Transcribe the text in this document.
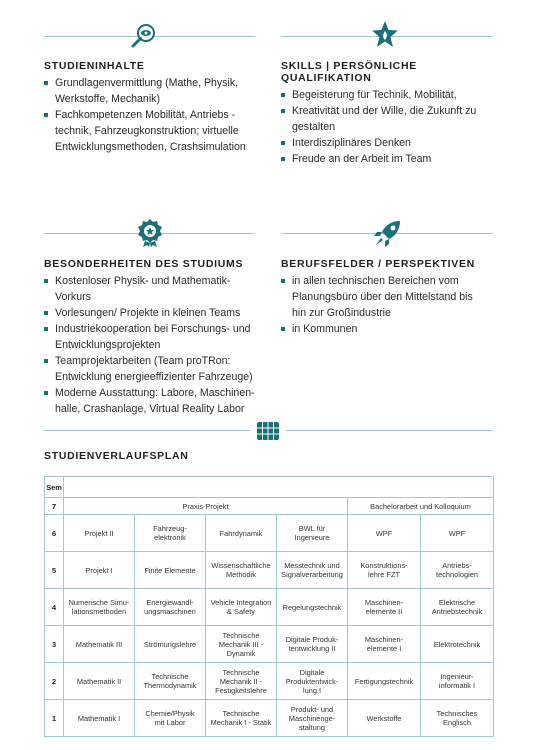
STUDIENINHALTE
Grundlagenvermittlung (Mathe, Physik,
Werkstoffe, Mechanik)
Fachkompetenzen Mobilität, Antriebs -
technik, Fahrzeugkonstruktion; virtuelle
Entwicklungsmethoden, Crashsimulation
SKILLS | PERSÖNLICHE QUALIFIKATION
Begeisterung für Technik, Mobilität,
Kreativität und der Wille, die Zukunft zu
gestalten
Interdisziplinäres Denken
Freude an der Arbeit im Team
BESONDERHEITEN DES STUDIUMS
Kostenloser Physik- und Mathematik-
Vorkurs
Vorlesungen/ Projekte in kleinen Teams
Industriekooperation bei Forschungs- und
Entwicklungsprojekten
Teamprojektarbeiten (Team proTRon:
Entwicklung energieeffizienter Fahrzeuge)
Moderne Ausstattung: Labore, Maschinen-
halle, Crashanlage, Virtual Reality Labor
BERUFSFELDER / PERSPEKTIVEN
in allen technischen Bereichen vom
Planungsbüro über den Mittelstand bis
hin zur Großindustrie
in Kommunen
STUDIENVERLAUFSPLAN
Sem						
7	Praxis-Projekt				Bachelorarbeit und Kolloquium	
6	Projekt II	Fahrzeug-
elektronik	Fahrdynamik	BWL für
Ingenieure	WPF	WPF
5	Projekt I	Finite Elemente	Wissenschaftliche
Methodik	Messtechnik und
Signalverarbeitung	Konstruktions-
lehre FZT	Antriebs-
technologien
4	Numerische Simu-
lationsmethoden	Energiewandl-
ungsmaschinen	Vehicle Integration
& Safety	Regelungstechnik	Maschinen-
elemente II	Elektrische
Antriebstechnik
3	Mathematik III	Strömungslehre	Technische
Mechanik III -
Dynamik	Digitale Produk-
tentwicklung II	Maschinen-
elemente I	Elektrotechnik
2	Mathematik II	Technische
Thermodynamik	Technische
Mechanik II -
Festigkeitslehre	Digitale
Produktentwick-
lung I	Fertigungstechnik	Ingenieur-
informatik I
1	Mathematik I	Chemie/Physik
mit Labor	Technische
Mechanik I - Statik	Produkt- und
Maschinenge-
staltung	Werkstoffe	Technisches
Englisch
